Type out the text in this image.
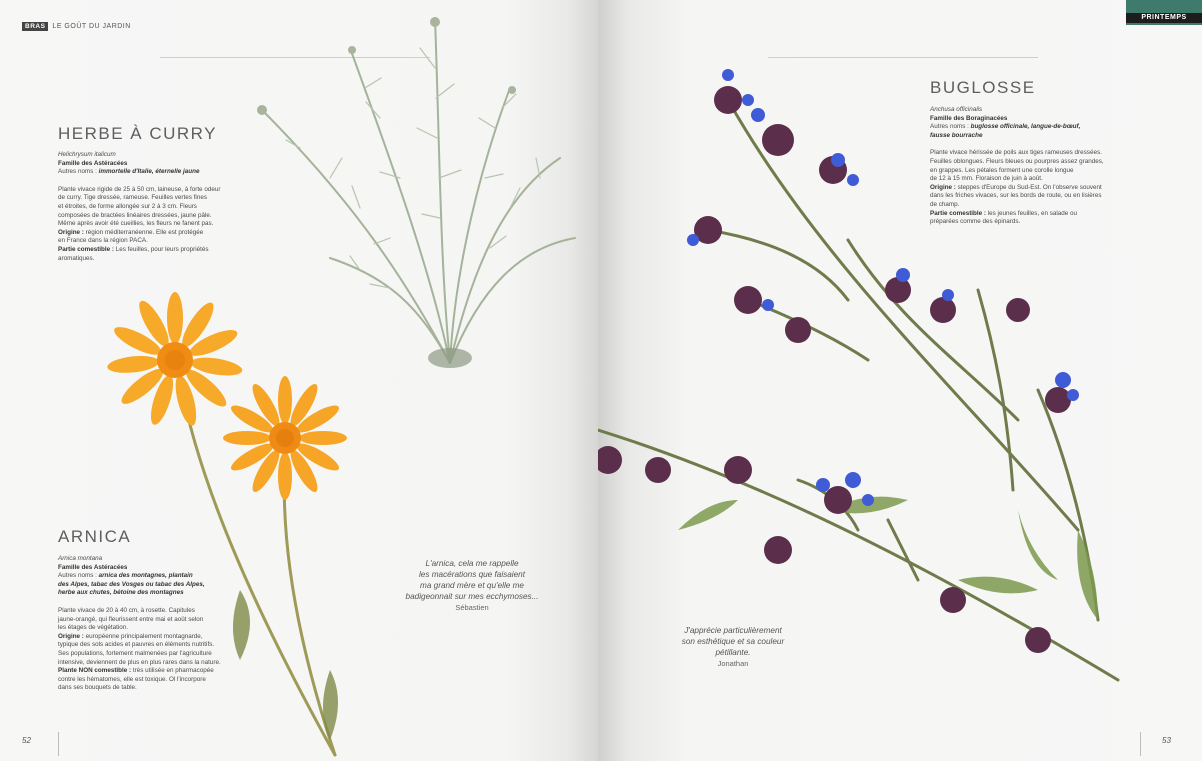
BRAS	LE GOÛT DU JARDIN
HERBE À CURRY

Helichrysum italicum

Famille des Astéracées

Autres noms : immortelle d'Italie, éternelle jaune

Plante vivace rigide de 25 à 50 cm, laineuse, à forte odeur

de curry. Tige dressée, rameuse. Feuilles vertes fines

et étroites, de forme allongée sur 2 à 3 cm. Fleurs

composées de bractées linéaires dressées, jaune pâle.

Même après avoir été cueillies, les fleurs ne fanent pas.

Origine : région méditerranéenne. Elle est protégée

en France dans la région PACA.

Partie comestible : Les feuilles, pour leurs propriétés

aromatiques.

ARNICA

Arnica montana

Famille des Astéracées

Autres noms : arnica des montagnes, plantain

des Alpes, tabac des Vosges ou tabac des Alpes,

herbe aux chutes, bétoine des montagnes

Plante vivace de 20 à 40 cm, à rosette. Capitules

jaune-orangé, qui fleurissent entre mai et août selon

les étages de végétation.

Origine : européenne principalement montagnarde,

typique des sols acides et pauvres en éléments nutritifs.

Ses populations, fortement malmenées par l'agriculture

intensive, deviennent de plus en plus rares dans la nature.

Plante NON comestible : très utilisée en pharmacopée

contre les hématomes, elle est toxique. Ol l'incorpore

dans ses bouquets de table.

L'arnica, cela me rappelle
les macérations que faisaient
ma grand mère et qu'elle me
badigeonnait sur mes ecchymoses...
Sébastien
52
PRINTEMPS
BUGLOSSE

Anchusa officinalis

Famille des Boraginacées

Autres noms : buglosse officinale, langue-de-bœuf,

fausse bourrache

Plante vivace hérissée de poils aux tiges rameuses dressées.

Feuilles oblongues. Fleurs bleues ou pourpres assez grandes,

en grappes. Les pétales forment une corolle longue

de 12 à 15 mm. Floraison de juin à août.

Origine : steppes d'Europe du Sud-Est. On l'observe souvent

dans les friches vivaces, sur les bords de route, ou en lisières

de champ.

Partie comestible : les jeunes feuilles, en salade ou

préparées comme des épinards.

J'apprécie particulièrement
son esthétique et sa couleur
pétillante.
Jonathan
53
